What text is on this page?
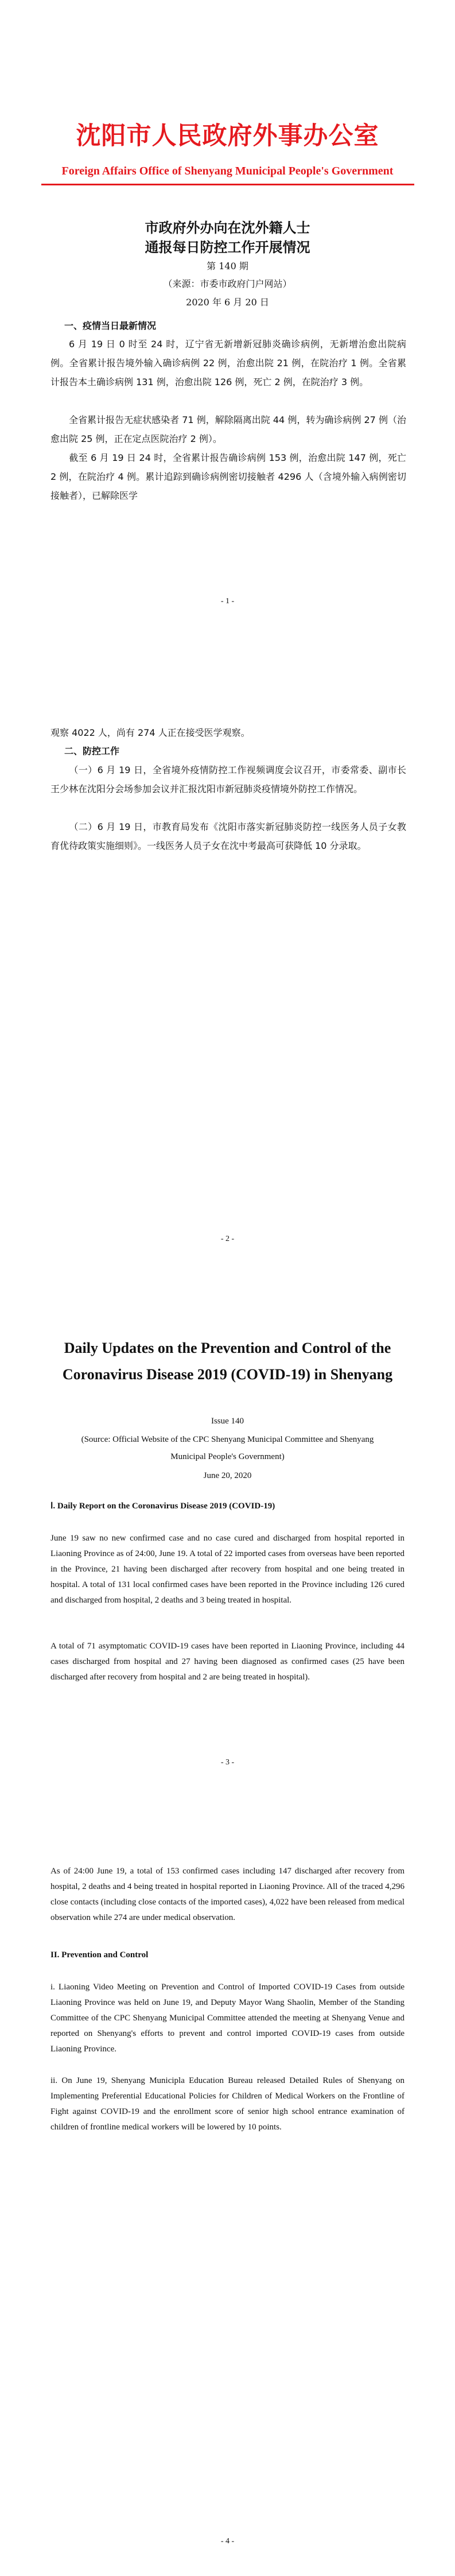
沈阳市人民政府外事办公室
Foreign Affairs Office of Shenyang Municipal People's Government
市政府外办向在沈外籍人士
通报每日防控工作开展情况
第 140 期
（来源：市委市政府门户网站）
2020 年 6 月 20 日
一、疫情当日最新情况
6 月 19 日 0 时至 24 时，辽宁省无新增新冠肺炎确诊病例，无新增治愈出院病例。全省累计报告境外输入确诊病例 22 例，治愈出院 21 例，在院治疗 1 例。全省累计报告本土确诊病例 131 例，治愈出院 126 例，死亡 2 例，在院治疗 3 例。
全省累计报告无症状感染者 71 例，解除隔离出院 44 例，转为确诊病例 27 例（治愈出院 25 例，正在定点医院治疗 2 例）。
截至 6 月 19 日 24 时，全省累计报告确诊病例 153 例，治愈出院 147 例，死亡 2 例，在院治疗 4 例。累计追踪到确诊病例密切接触者 4296 人（含境外输入病例密切接触者），已解除医学
- 1 -
观察 4022 人，尚有 274 人正在接受医学观察。
二、防控工作
（一）6 月 19 日，全省境外疫情防控工作视频调度会议召开，市委常委、副市长王少林在沈阳分会场参加会议并汇报沈阳市新冠肺炎疫情境外防控工作情况。
（二）6 月 19 日，市教育局发布《沈阳市落实新冠肺炎防控一线医务人员子女教育优待政策实施细则》。一线医务人员子女在沈中考最高可获降低 10 分录取。
- 2 -
Daily Updates on the Prevention and Control of the Coronavirus Disease 2019 (COVID-19) in Shenyang
Issue 140
(Source: Official Website of the CPC Shenyang Municipal Committee and Shenyang Municipal People's Government)
June 20, 2020
Ⅰ. Daily Report on the Coronavirus Disease 2019 (COVID-19)
June 19 saw no new confirmed case and no case cured and discharged from hospital reported in Liaoning Province as of 24:00, June 19. A total of 22 imported cases from overseas have been reported in the Province, 21 having been discharged after recovery from hospital and one being treated in hospital. A total of 131 local confirmed cases have been reported in the Province including 126 cured and discharged from hospital, 2 deaths and 3 being treated in hospital.
A total of 71 asymptomatic COVID-19 cases have been reported in Liaoning Province, including 44 cases discharged from hospital and 27 having been diagnosed as confirmed cases (25 have been discharged after recovery from hospital and 2 are being treated in hospital).
- 3 -
As of 24:00 June 19, a total of 153 confirmed cases including 147 discharged after recovery from hospital, 2 deaths and 4 being treated in hospital reported in Liaoning Province. All of the traced 4,296 close contacts (including close contacts of the imported cases), 4,022 have been released from medical observation while 274 are under medical observation.
II. Prevention and Control
i. Liaoning Video Meeting on Prevention and Control of Imported COVID-19 Cases from outside Liaoning Province was held on June 19, and Deputy Mayor Wang Shaolin, Member of the Standing Committee of the CPC Shenyang Municipal Committee attended the meeting at Shenyang Venue and reported on Shenyang's efforts to prevent and control imported COVID-19 cases from outside Liaoning Province.
ii. On June 19, Shenyang Municipla Education Bureau released Detailed Rules of Shenyang on Implementing Preferential Educational Policies for Children of Medical Workers on the Frontline of Fight against COVID-19 and the enrollment score of senior high school entrance examination of children of frontline medical workers will be lowered by 10 points.
- 4 -
